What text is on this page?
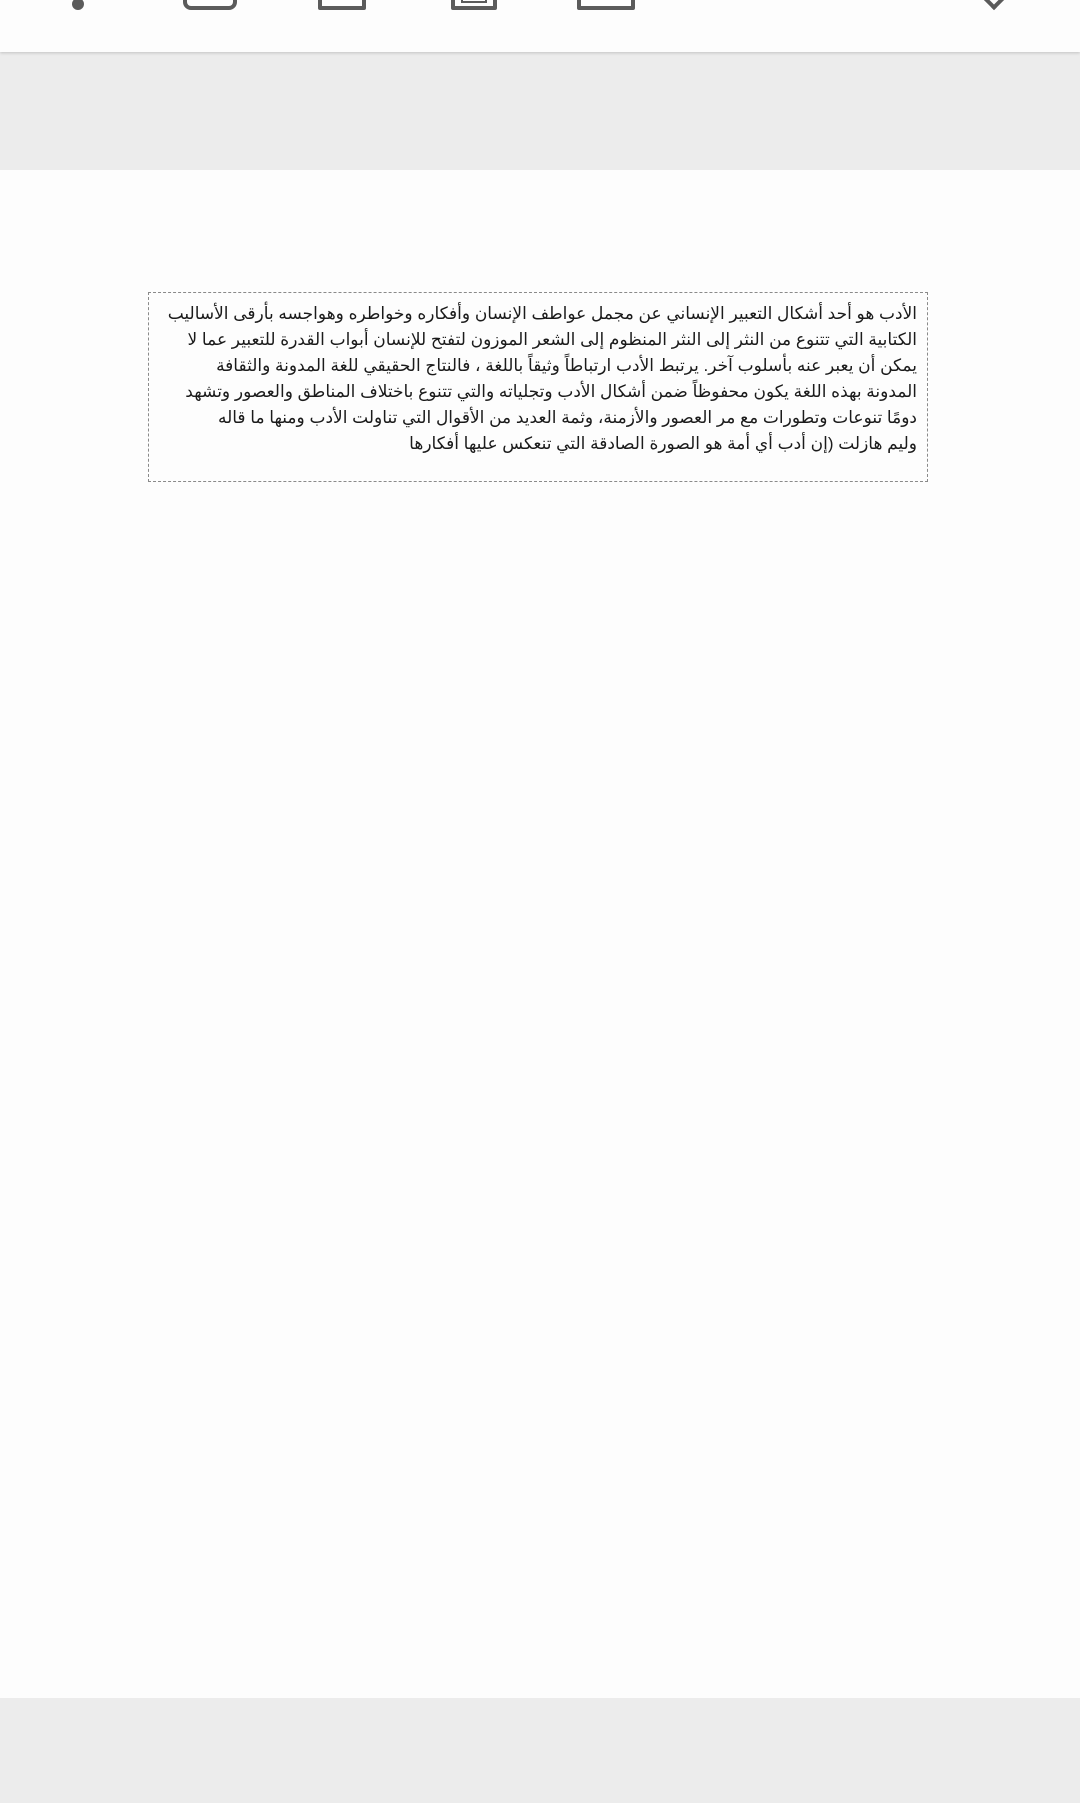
الأدب هو أحد أشكال التعبير الإنساني عن مجمل عواطف الإنسان وأفكاره وخواطره وهواجسه بأرقى الأساليب
الكتابية التي تتنوع من النثر إلى النثر المنظوم إلى الشعر الموزون لتفتح للإنسان أبواب القدرة للتعبير عما لا
يمكن أن يعبر عنه بأسلوب آخر. يرتبط الأدب ارتباطاً وثيقاً باللغة ، فالنتاج الحقيقي للغة المدونة والثقافة
المدونة بهذه اللغة يكون محفوظاً ضمن أشكال الأدب وتجلياته والتي تتنوع باختلاف المناطق والعصور وتشهد
دومًا تنوعات وتطورات مع مر العصور والأزمنة، وثمة العديد من الأقوال التي تناولت الأدب ومنها ما قاله
وليم هازلت (إن أدب أي أمة هو الصورة الصادقة التي تنعكس عليها أفكارها
